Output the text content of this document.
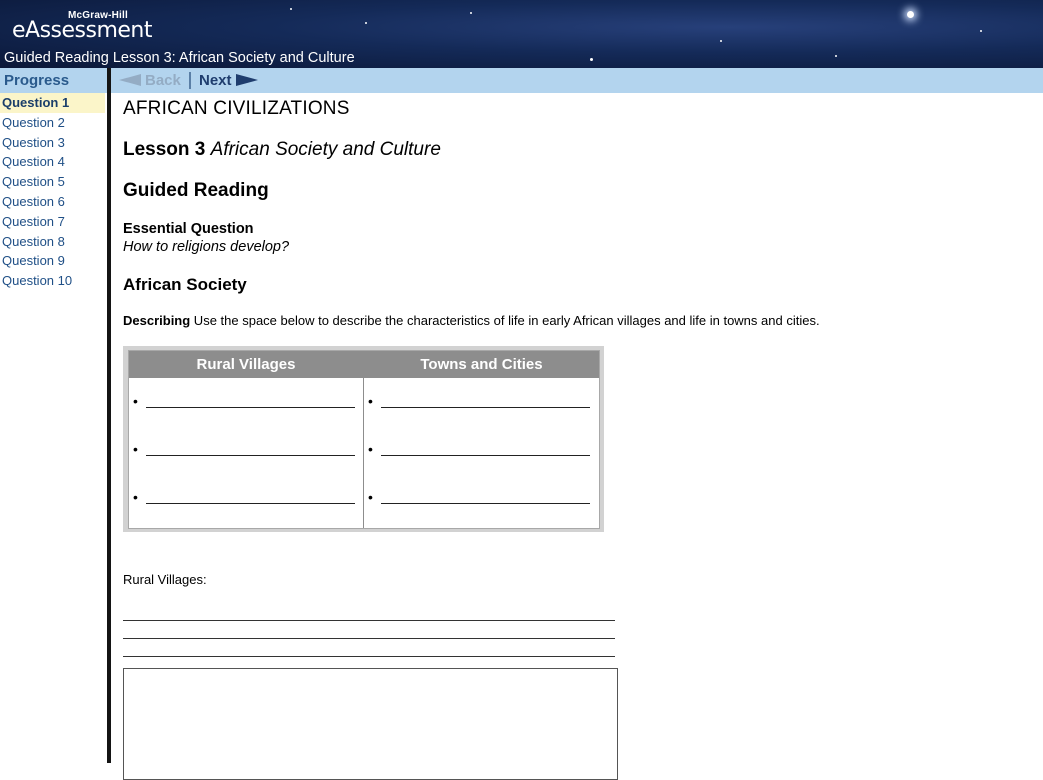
McGraw-Hill
eAssessment
Guided Reading Lesson 3: African Society and Culture
Progress
Question 1
Question 2
Question 3
Question 4
Question 5
Question 6
Question 7
Question 8
Question 9
Question 10
Back Next
AFRICAN CIVILIZATIONS
Lesson 3 African Society and Culture
Guided Reading
Essential Question
How to religions develop?
African Society
Describing Use the space below to describe the characteristics of life in early African villages and life in towns and cities.
Rural Villages	Towns and Cities
•
•
•
•
•
•
Rural Villages:
